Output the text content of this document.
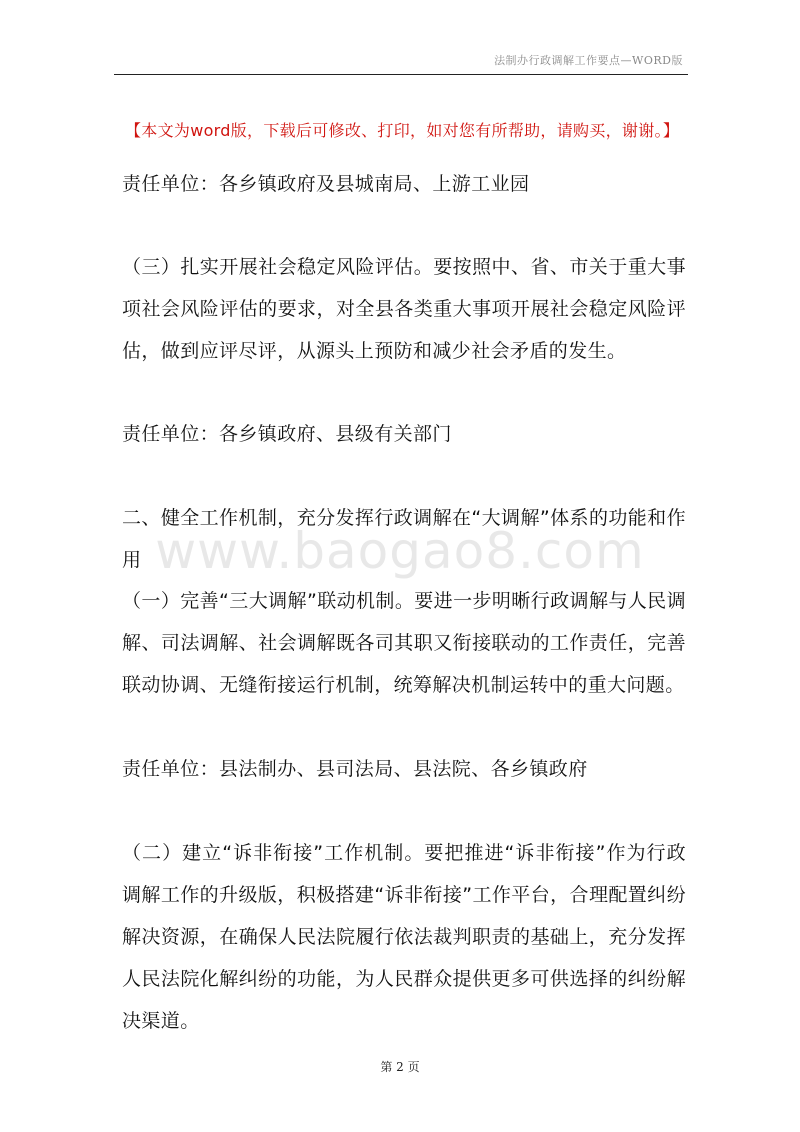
法制办行政调解工作要点—WORD版
【本文为word版，下载后可修改、打印，如对您有所帮助，请购买，谢谢。】
www.baogao8.com
责任单位：各乡镇政府及县城南局、上游工业园
（三）扎实开展社会稳定风险评估。要按照中、省、市关于重大事项社会风险评估的要求，对全县各类重大事项开展社会稳定风险评估，做到应评尽评，从源头上预防和减少社会矛盾的发生。
责任单位：各乡镇政府、县级有关部门
二、健全工作机制，充分发挥行政调解在“大调解”体系的功能和作用
（一）完善“三大调解”联动机制。要进一步明晰行政调解与人民调解、司法调解、社会调解既各司其职又衔接联动的工作责任，完善联动协调、无缝衔接运行机制，统筹解决机制运转中的重大问题。
责任单位：县法制办、县司法局、县法院、各乡镇政府
（二）建立“诉非衔接”工作机制。要把推进“诉非衔接”作为行政调解工作的升级版，积极搭建“诉非衔接”工作平台，合理配置纠纷解决资源，在确保人民法院履行依法裁判职责的基础上，充分发挥人民法院化解纠纷的功能，为人民群众提供更多可供选择的纠纷解决渠道。
第 2 页
